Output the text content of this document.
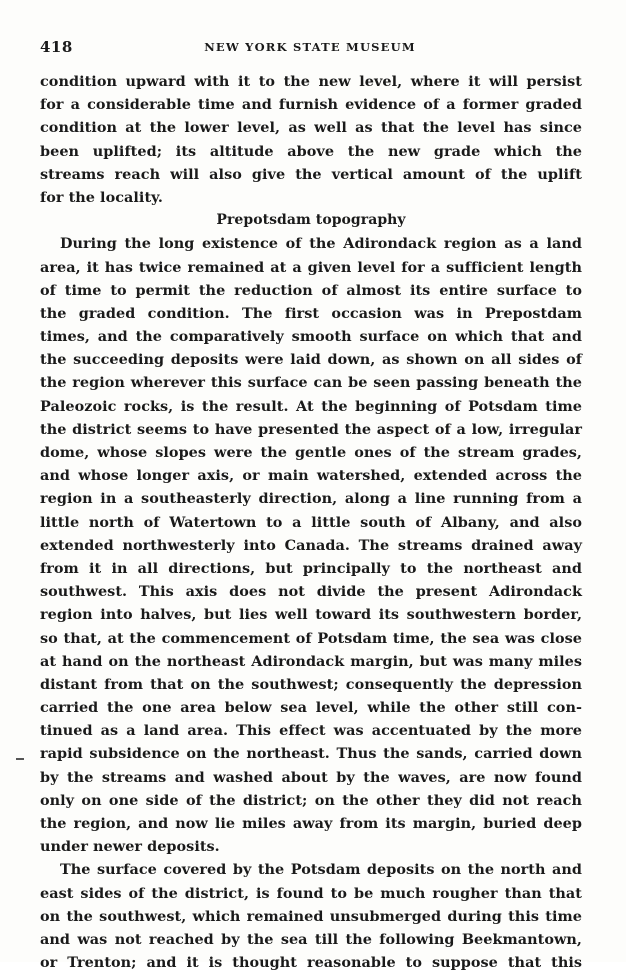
418	NEW YORK STATE MUSEUM
condition upward with it to the new level, where it will persist
for a considerable time and furnish evidence of a former graded
condition at the lower level, as well as that the level has since
been uplifted; its altitude above the new grade which the
streams reach will also give the vertical amount of the uplift
for the locality.
Prepotsdam topography
During the long existence of the Adirondack region as a land
area, it has twice remained at a given level for a sufficient length
of time to permit the reduction of almost its entire surface to
the graded condition. The first occasion was in Prepostdam
times, and the comparatively smooth surface on which that and
the succeeding deposits were laid down, as shown on all sides of
the region wherever this surface can be seen passing beneath the
Paleozoic rocks, is the result. At the beginning of Potsdam time
the district seems to have presented the aspect of a low, irregular
dome, whose slopes were the gentle ones of the stream grades,
and whose longer axis, or main watershed, extended across the
region in a southeasterly direction, along a line running from a
little north of Watertown to a little south of Albany, and also
extended northwesterly into Canada. The streams drained away
from it in all directions, but principally to the northeast and
southwest. This axis does not divide the present Adirondack
region into halves, but lies well toward its southwestern border,
so that, at the commencement of Potsdam time, the sea was close
at hand on the northeast Adirondack margin, but was many miles
distant from that on the southwest; consequently the depression
carried the one area below sea level, while the other still con-
tinued as a land area. This effect was accentuated by the more
rapid subsidence on the northeast. Thus the sands, carried down
by the streams and washed about by the waves, are now found
only on one side of the district; on the other they did not reach
the region, and now lie miles away from its margin, buried deep
under newer deposits.
The surface covered by the Potsdam deposits on the north and
east sides of the district, is found to be much rougher than that
on the southwest, which remained unsubmerged during this time
and was not reached by the sea till the following Beekmantown,
or Trenton; and it is thought reasonable to suppose that this
